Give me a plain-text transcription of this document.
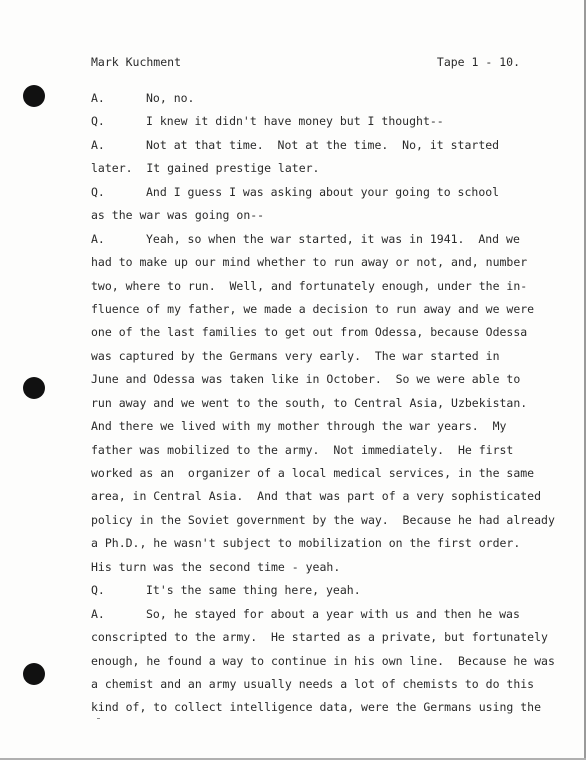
Mark Kuchment	Tape 1 - 10.
A.	No, no.
Q.	I knew it didn't have money but I thought--
A.	Not at that time.  Not at the time.  No, it started
later.  It gained prestige later.
Q.	And I guess I was asking about your going to school
as the war was going on--
A.	Yeah, so when the war started, it was in 1941.  And we
had to make up our mind whether to run away or not, and, number
two, where to run.  Well, and fortunately enough, under the in-
fluence of my father, we made a decision to run away and we were
one of the last families to get out from Odessa, because Odessa
was captured by the Germans very early.  The war started in
June and Odessa was taken like in October.  So we were able to
run away and we went to the south, to Central Asia, Uzbekistan.
And there we lived with my mother through the war years.  My
father was mobilized to the army.  Not immediately.  He first
worked as an  organizer of a local medical services, in the same
area, in Central Asia.  And that was part of a very sophisticated
policy in the Soviet government by the way.  Because he had already
a Ph.D., he wasn't subject to mobilization on the first order.
His turn was the second time - yeah.
Q.	It's the same thing here, yeah.
A.	So, he stayed for about a year with us and then he was
conscripted to the army.  He started as a private, but fortunately
enough, he found a way to continue in his own line.  Because he was
a chemist and an army usually needs a lot of chemists to do this
kind of, to collect intelligence data, were the Germans using the
